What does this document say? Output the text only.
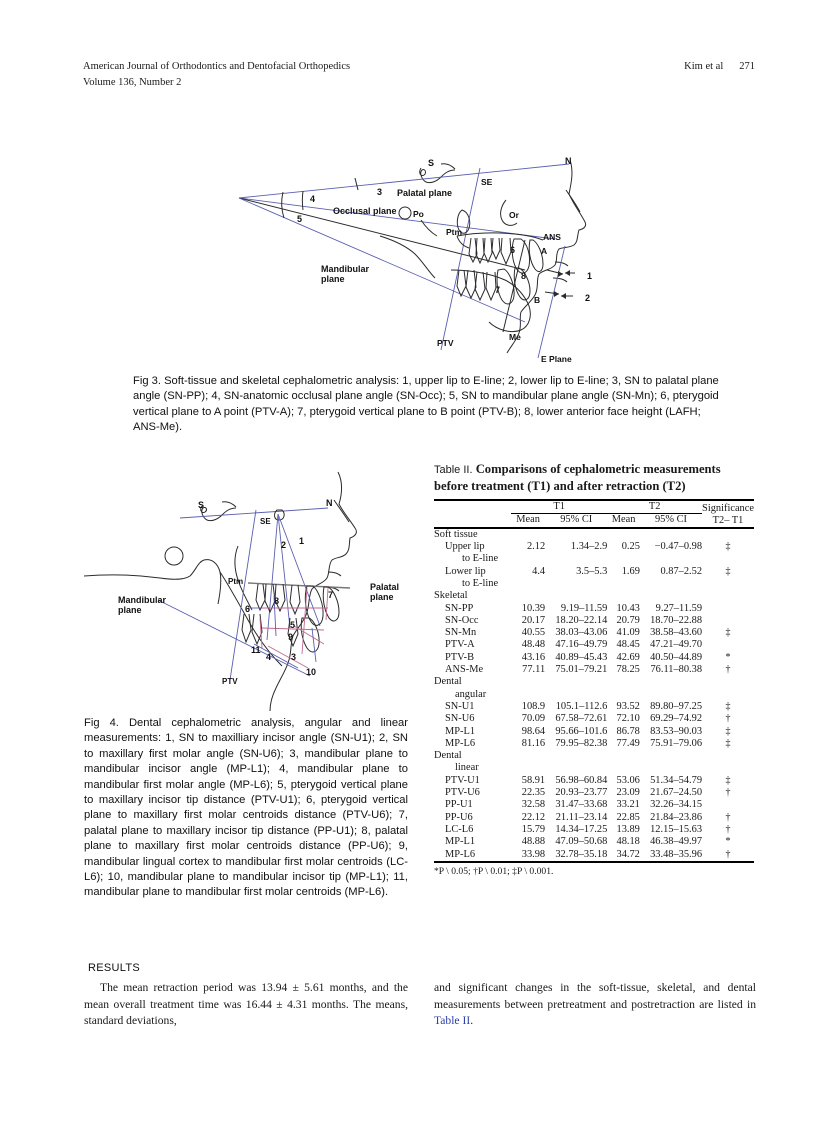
American Journal of Orthodontics and Dentofacial Orthopedics	Kim et al 271
Volume 136, Number 2
S	N
SE
Or
Ptm	ANS
A
B
Po
Me
PTV
E Plane
Palatal plane
Occlusal plane
Mandibular
plane	1
2
3
4
5
6
7
8
Fig 3. Soft-tissue and skeletal cephalometric analysis: 1, upper lip to E-line; 2, lower lip to E-line; 3, SN to palatal plane angle (SN-PP); 4, SN-anatomic occlusal plane angle (SN-Occ); 5, SN to mandibular plane angle (SN-Mn); 6, pterygoid vertical plane to A point (PTV-A); 7, pterygoid vertical plane to B point (PTV-B); 8, lower anterior face height (LAFH; ANS-Me).
S	N
SE
Ptm
PTV
Palatal
plane
Mandibular
plane
1
2
3
4
5
6
7
8
9
10
11
Fig 4. Dental cephalometric analysis, angular and linear measurements: 1, SN to maxilliary incisor angle (SN-U1); 2, SN to maxillary first molar angle (SN-U6); 3, mandibular plane to mandibular incisor angle (MP-L1); 4, mandibular plane to mandibular first molar angle (MP-L6); 5, pterygoid vertical plane to maxillary incisor tip distance (PTV-U1); 6, pterygoid vertical plane to maxillary first molar centroids distance (PTV-U6); 7, palatal plane to maxillary incisor tip distance (PP-U1); 8, palatal plane to maxillary first molar centroids distance (PP-U6); 9, mandibular lingual cortex to mandibular first molar centroids (LC-L6); 10, mandibular plane to mandibular incisor tip (MP-L1); 11, mandibular plane to mandibular first molar centroids (MP-L6).
Table II. Comparisons of cephalometric measurements before treatment (T1) and after retraction (T2)
	T1		T2		Significance
T2– T1

	Mean	95% CI	Mean	95% CI	
Soft tissue					
Upper lip	2.12	1.34–2.9	0.25	−0.47–0.98	‡
to E-line					
Lower lip	4.4	3.5–5.3	1.69	0.87–2.52	‡
to E-line					
Skeletal					
SN-PP	10.39	9.19–11.59	10.43	9.27–11.59	
SN-Occ	20.17	18.20–22.14	20.79	18.70–22.88	
SN-Mn	40.55	38.03–43.06	41.09	38.58–43.60	‡
PTV-A	48.48	47.16–49.79	48.45	47.21–49.70	
PTV-B	43.16	40.89–45.43	42.69	40.50–44.89	*
ANS-Me	77.11	75.01–79.21	78.25	76.11–80.38	†
Dental					
angular					
SN-U1	108.9	105.1–112.6	93.52	89.80–97.25	‡
SN-U6	70.09	67.58–72.61	72.10	69.29–74.92	†
MP-L1	98.64	95.66–101.6	86.78	83.53–90.03	‡
MP-L6	81.16	79.95–82.38	77.49	75.91–79.06	‡
Dental					
linear					
PTV-U1	58.91	56.98–60.84	53.06	51.34–54.79	‡
PTV-U6	22.35	20.93–23.77	23.09	21.67–24.50	†
PP-U1	32.58	31.47–33.68	33.21	32.26–34.15	
PP-U6	22.12	21.11–23.14	22.85	21.84–23.86	†
LC-L6	15.79	14.34–17.25	13.89	12.15–15.63	†
MP-L1	48.88	47.09–50.68	48.18	46.38–49.97	*
MP-L6	33.98	32.78–35.18	34.72	33.48–35.96	†
*P \ 0.05; †P \ 0.01; ‡P \ 0.001.
RESULTS

The mean retraction period was 13.94 ± 5.61 months, and the mean overall treatment time was 16.44 ± 4.31 months. The means, standard deviations,

and significant changes in the soft-tissue, skeletal, and dental measurements between pretreatment and postretraction are listed in Table II.
